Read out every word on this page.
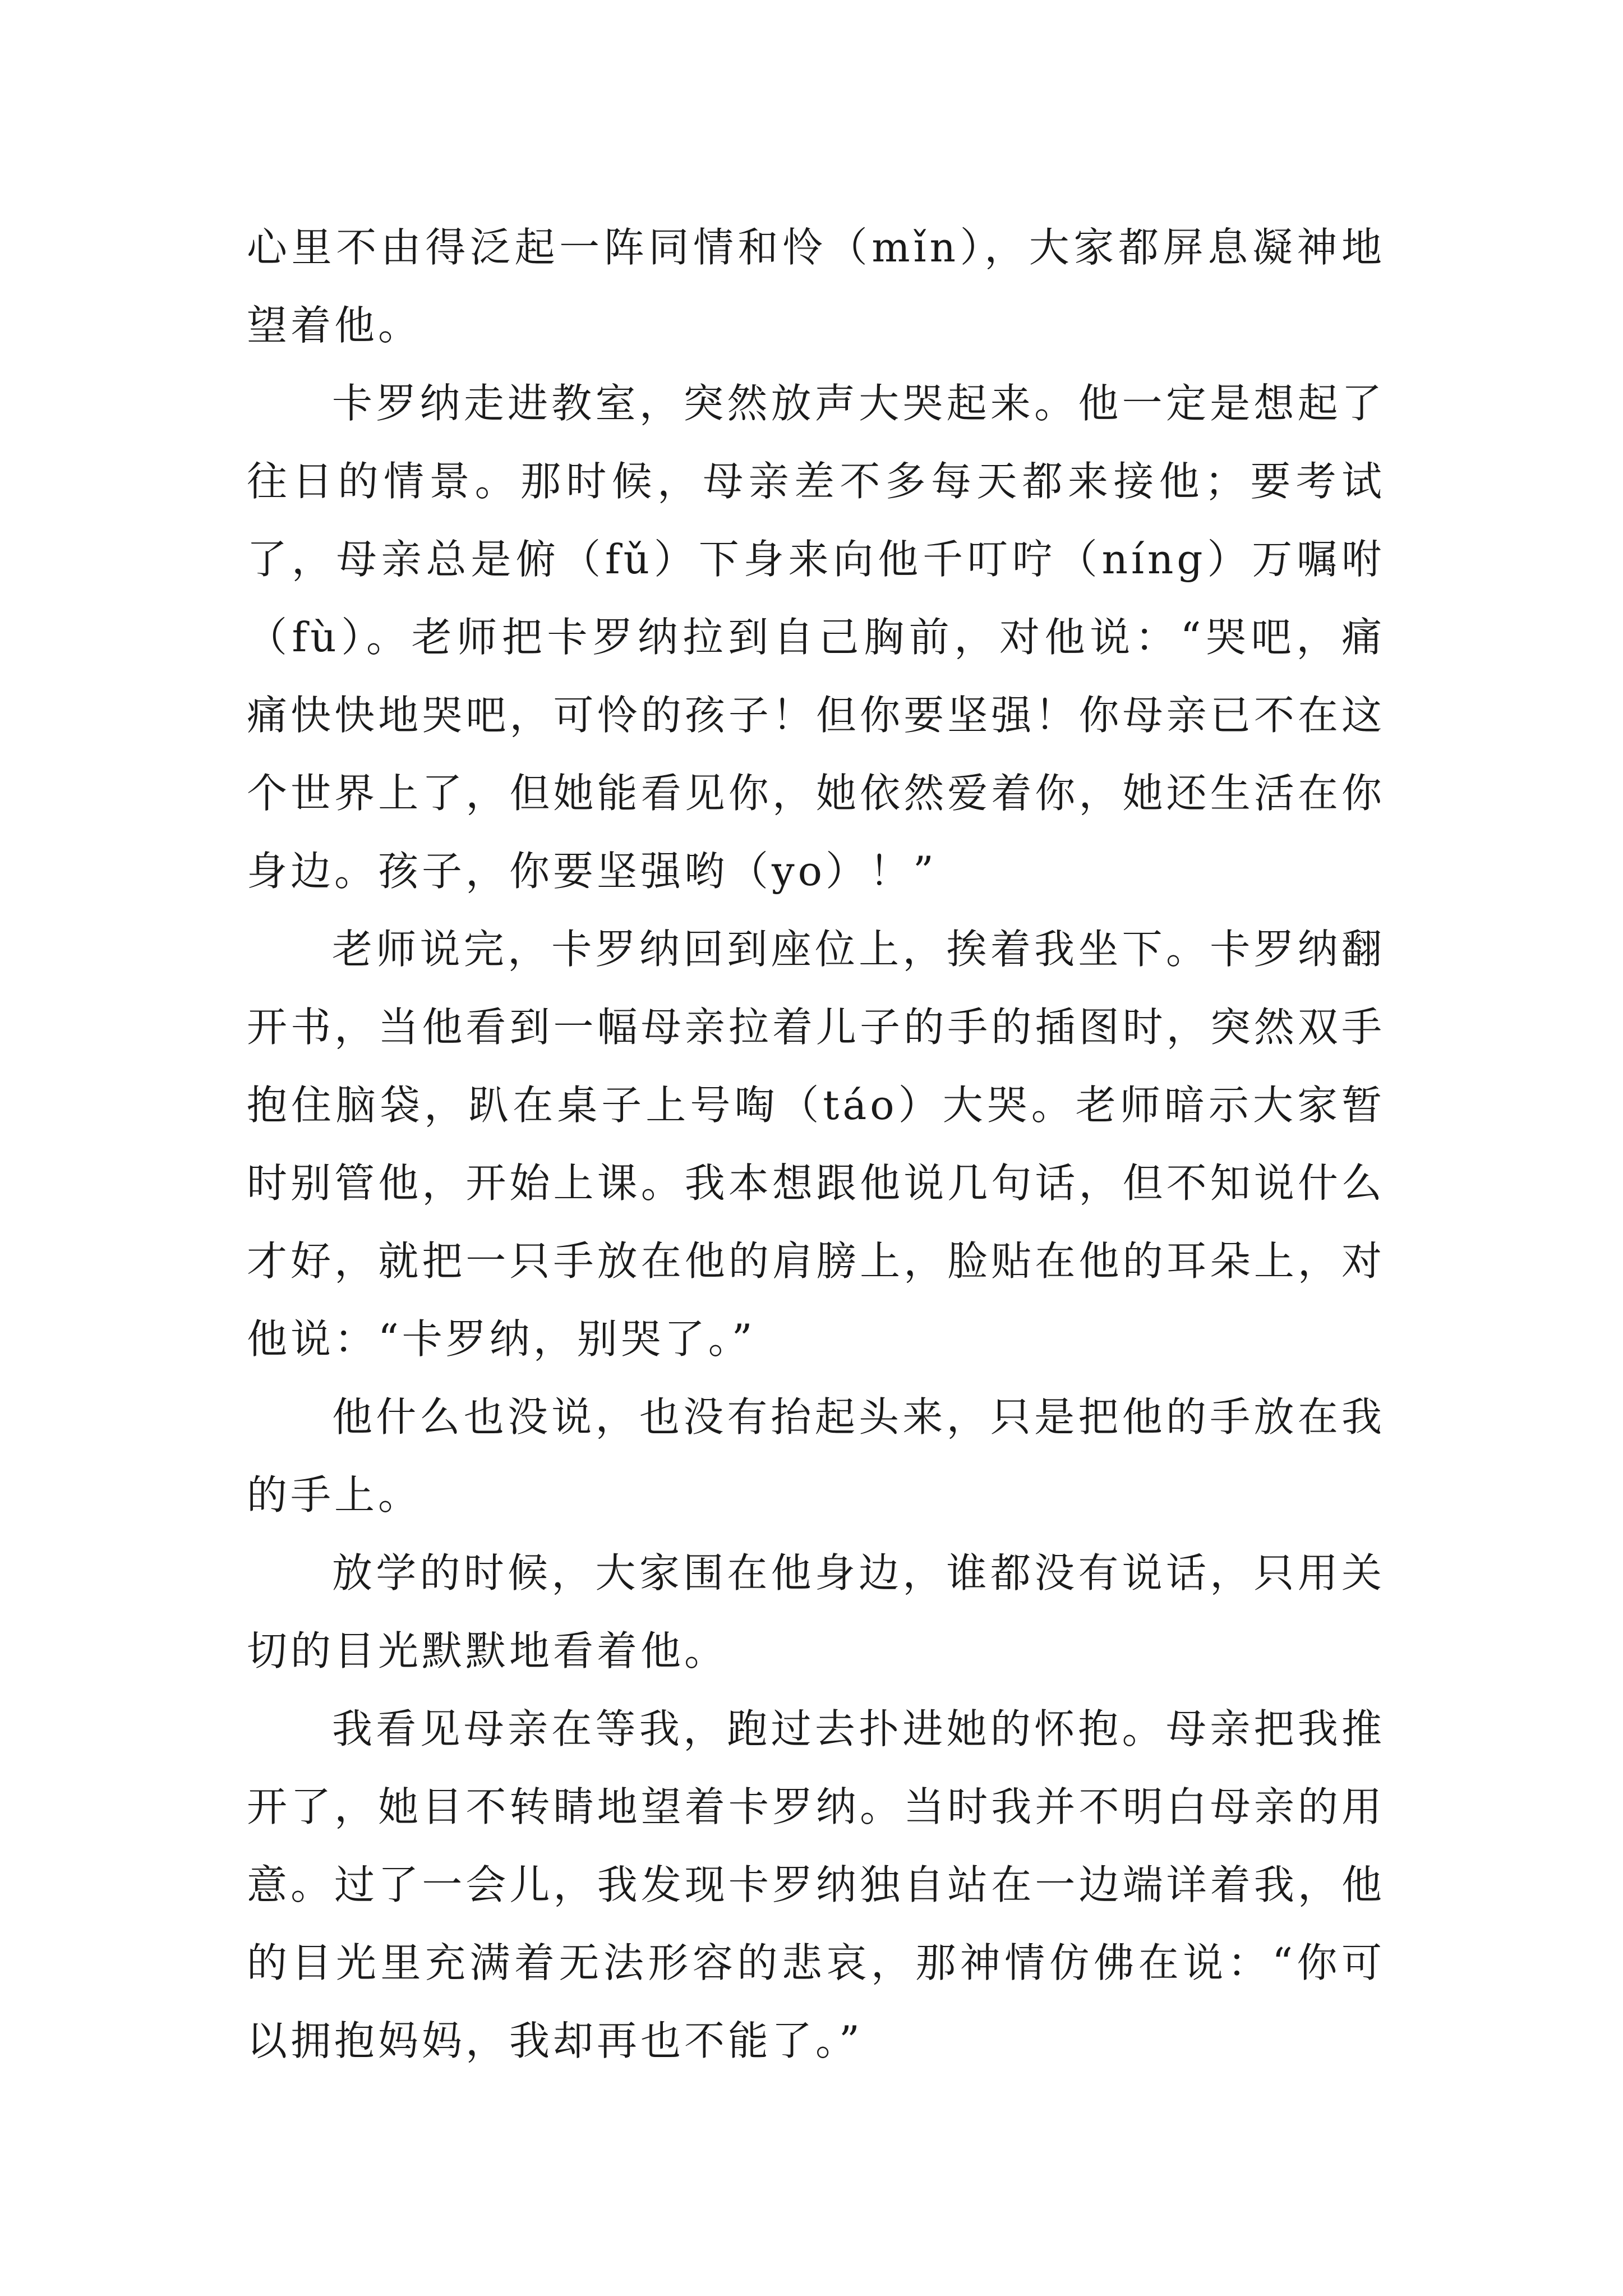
心里不由得泛起一阵同情和怜（mǐn），大家都屏息凝神地望着他。

卡罗纳走进教室，突然放声大哭起来。他一定是想起了往日的情景。那时候，母亲差不多每天都来接他；要考试了，母亲总是俯（fǔ）下身来向他千叮咛（níng）万嘱咐（fù）。老师把卡罗纳拉到自己胸前，对他说：“哭吧，痛痛快快地哭吧，可怜的孩子！但你要坚强！你母亲已不在这个世界上了，但她能看见你，她依然爱着你，她还生活在你身边。孩子，你要坚强哟（yo）！”

老师说完，卡罗纳回到座位上，挨着我坐下。卡罗纳翻开书，当他看到一幅母亲拉着儿子的手的插图时，突然双手抱住脑袋，趴在桌子上号啕（táo）大哭。老师暗示大家暂时别管他，开始上课。我本想跟他说几句话，但不知说什么才好，就把一只手放在他的肩膀上，脸贴在他的耳朵上，对他说：“卡罗纳，别哭了。”

他什么也没说，也没有抬起头来，只是把他的手放在我的手上。

放学的时候，大家围在他身边，谁都没有说话，只用关切的目光默默地看着他。

我看见母亲在等我，跑过去扑进她的怀抱。母亲把我推开了，她目不转睛地望着卡罗纳。当时我并不明白母亲的用意。过了一会儿，我发现卡罗纳独自站在一边端详着我，他的目光里充满着无法形容的悲哀，那神情仿佛在说：“你可以拥抱妈妈，我却再也不能了。”
